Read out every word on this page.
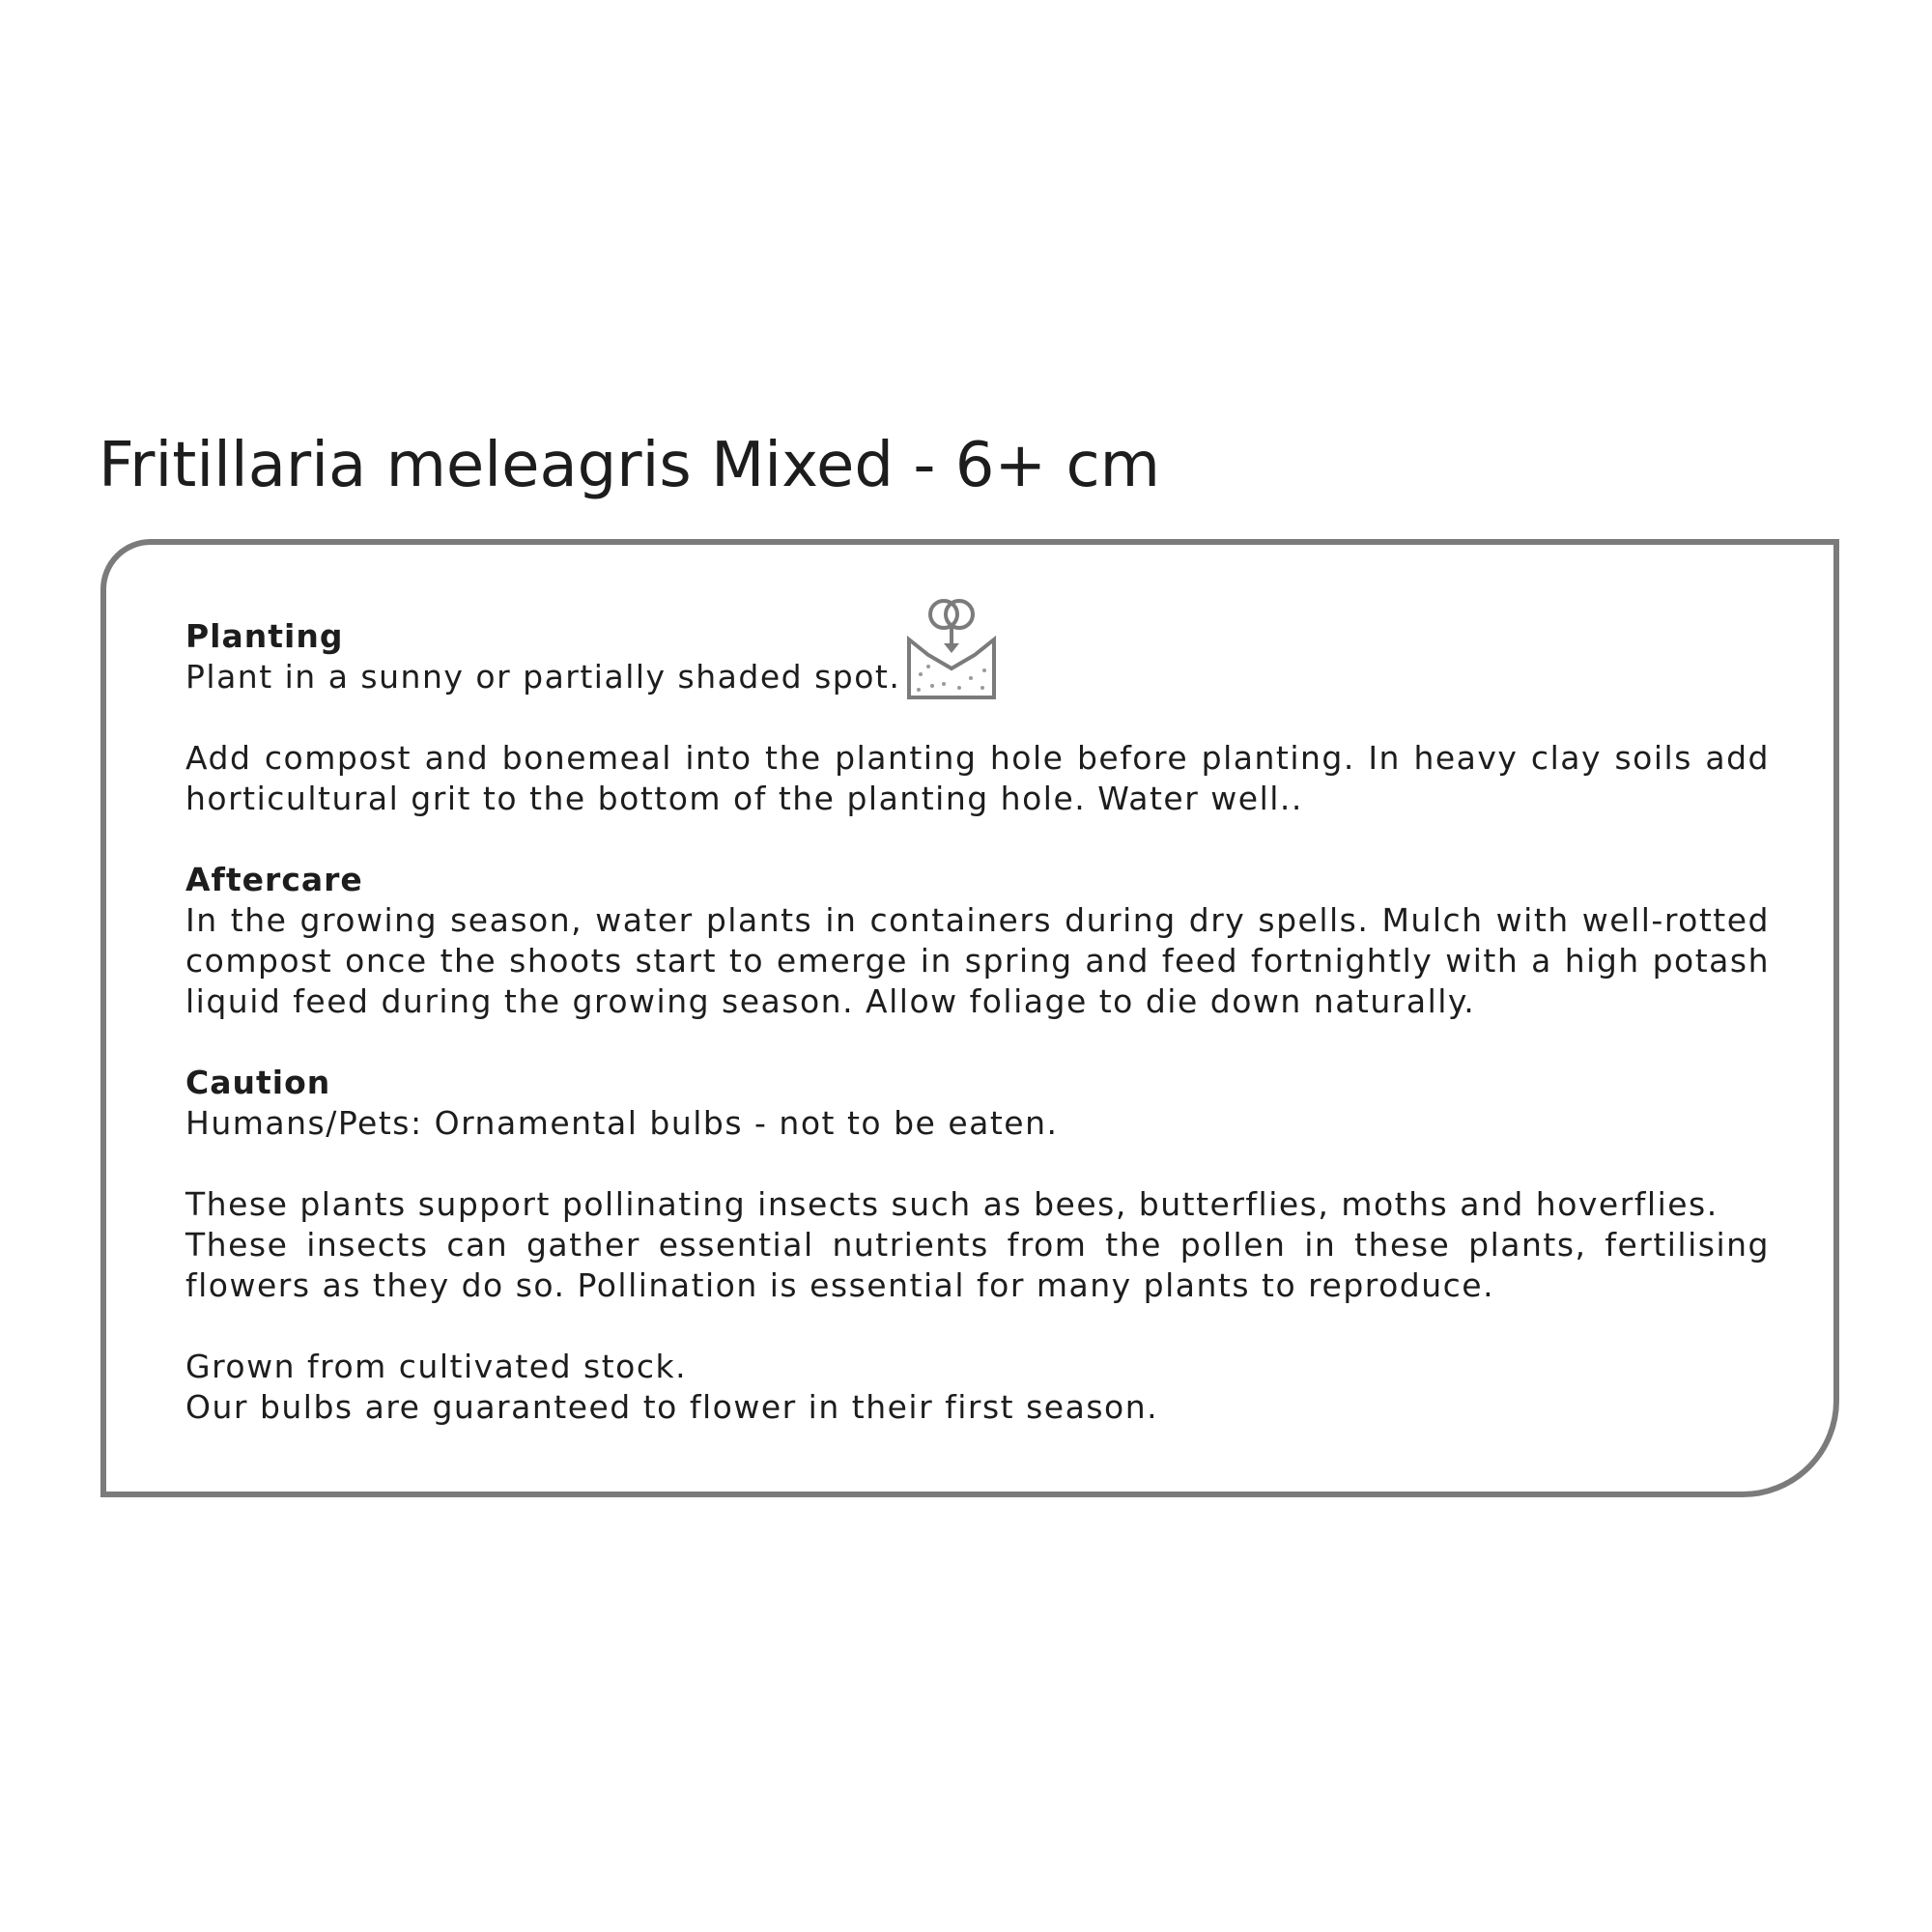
Fritillaria meleagris Mixed - 6+ cm

Planting

Plant in a sunny or partially shaded spot.

Add compost and bonemeal into the planting hole before planting. In heavy clay soils add horticultural grit to the bottom of the planting hole. Water well..

Aftercare

In the growing season, water plants in containers during dry spells. Mulch with well-rotted compost once the shoots start to emerge in spring and feed fortnightly with a high potash liquid feed during the growing season. Allow foliage to die down naturally.

Caution

Humans/Pets: Ornamental bulbs - not to be eaten.

These plants support pollinating insects such as bees, butterflies, moths and hoverflies.

These insects can gather essential nutrients from the pollen in these plants, fertilising flowers as they do so. Pollination is essential for many plants to reproduce.

Grown from cultivated stock.

Our bulbs are guaranteed to flower in their first season.
